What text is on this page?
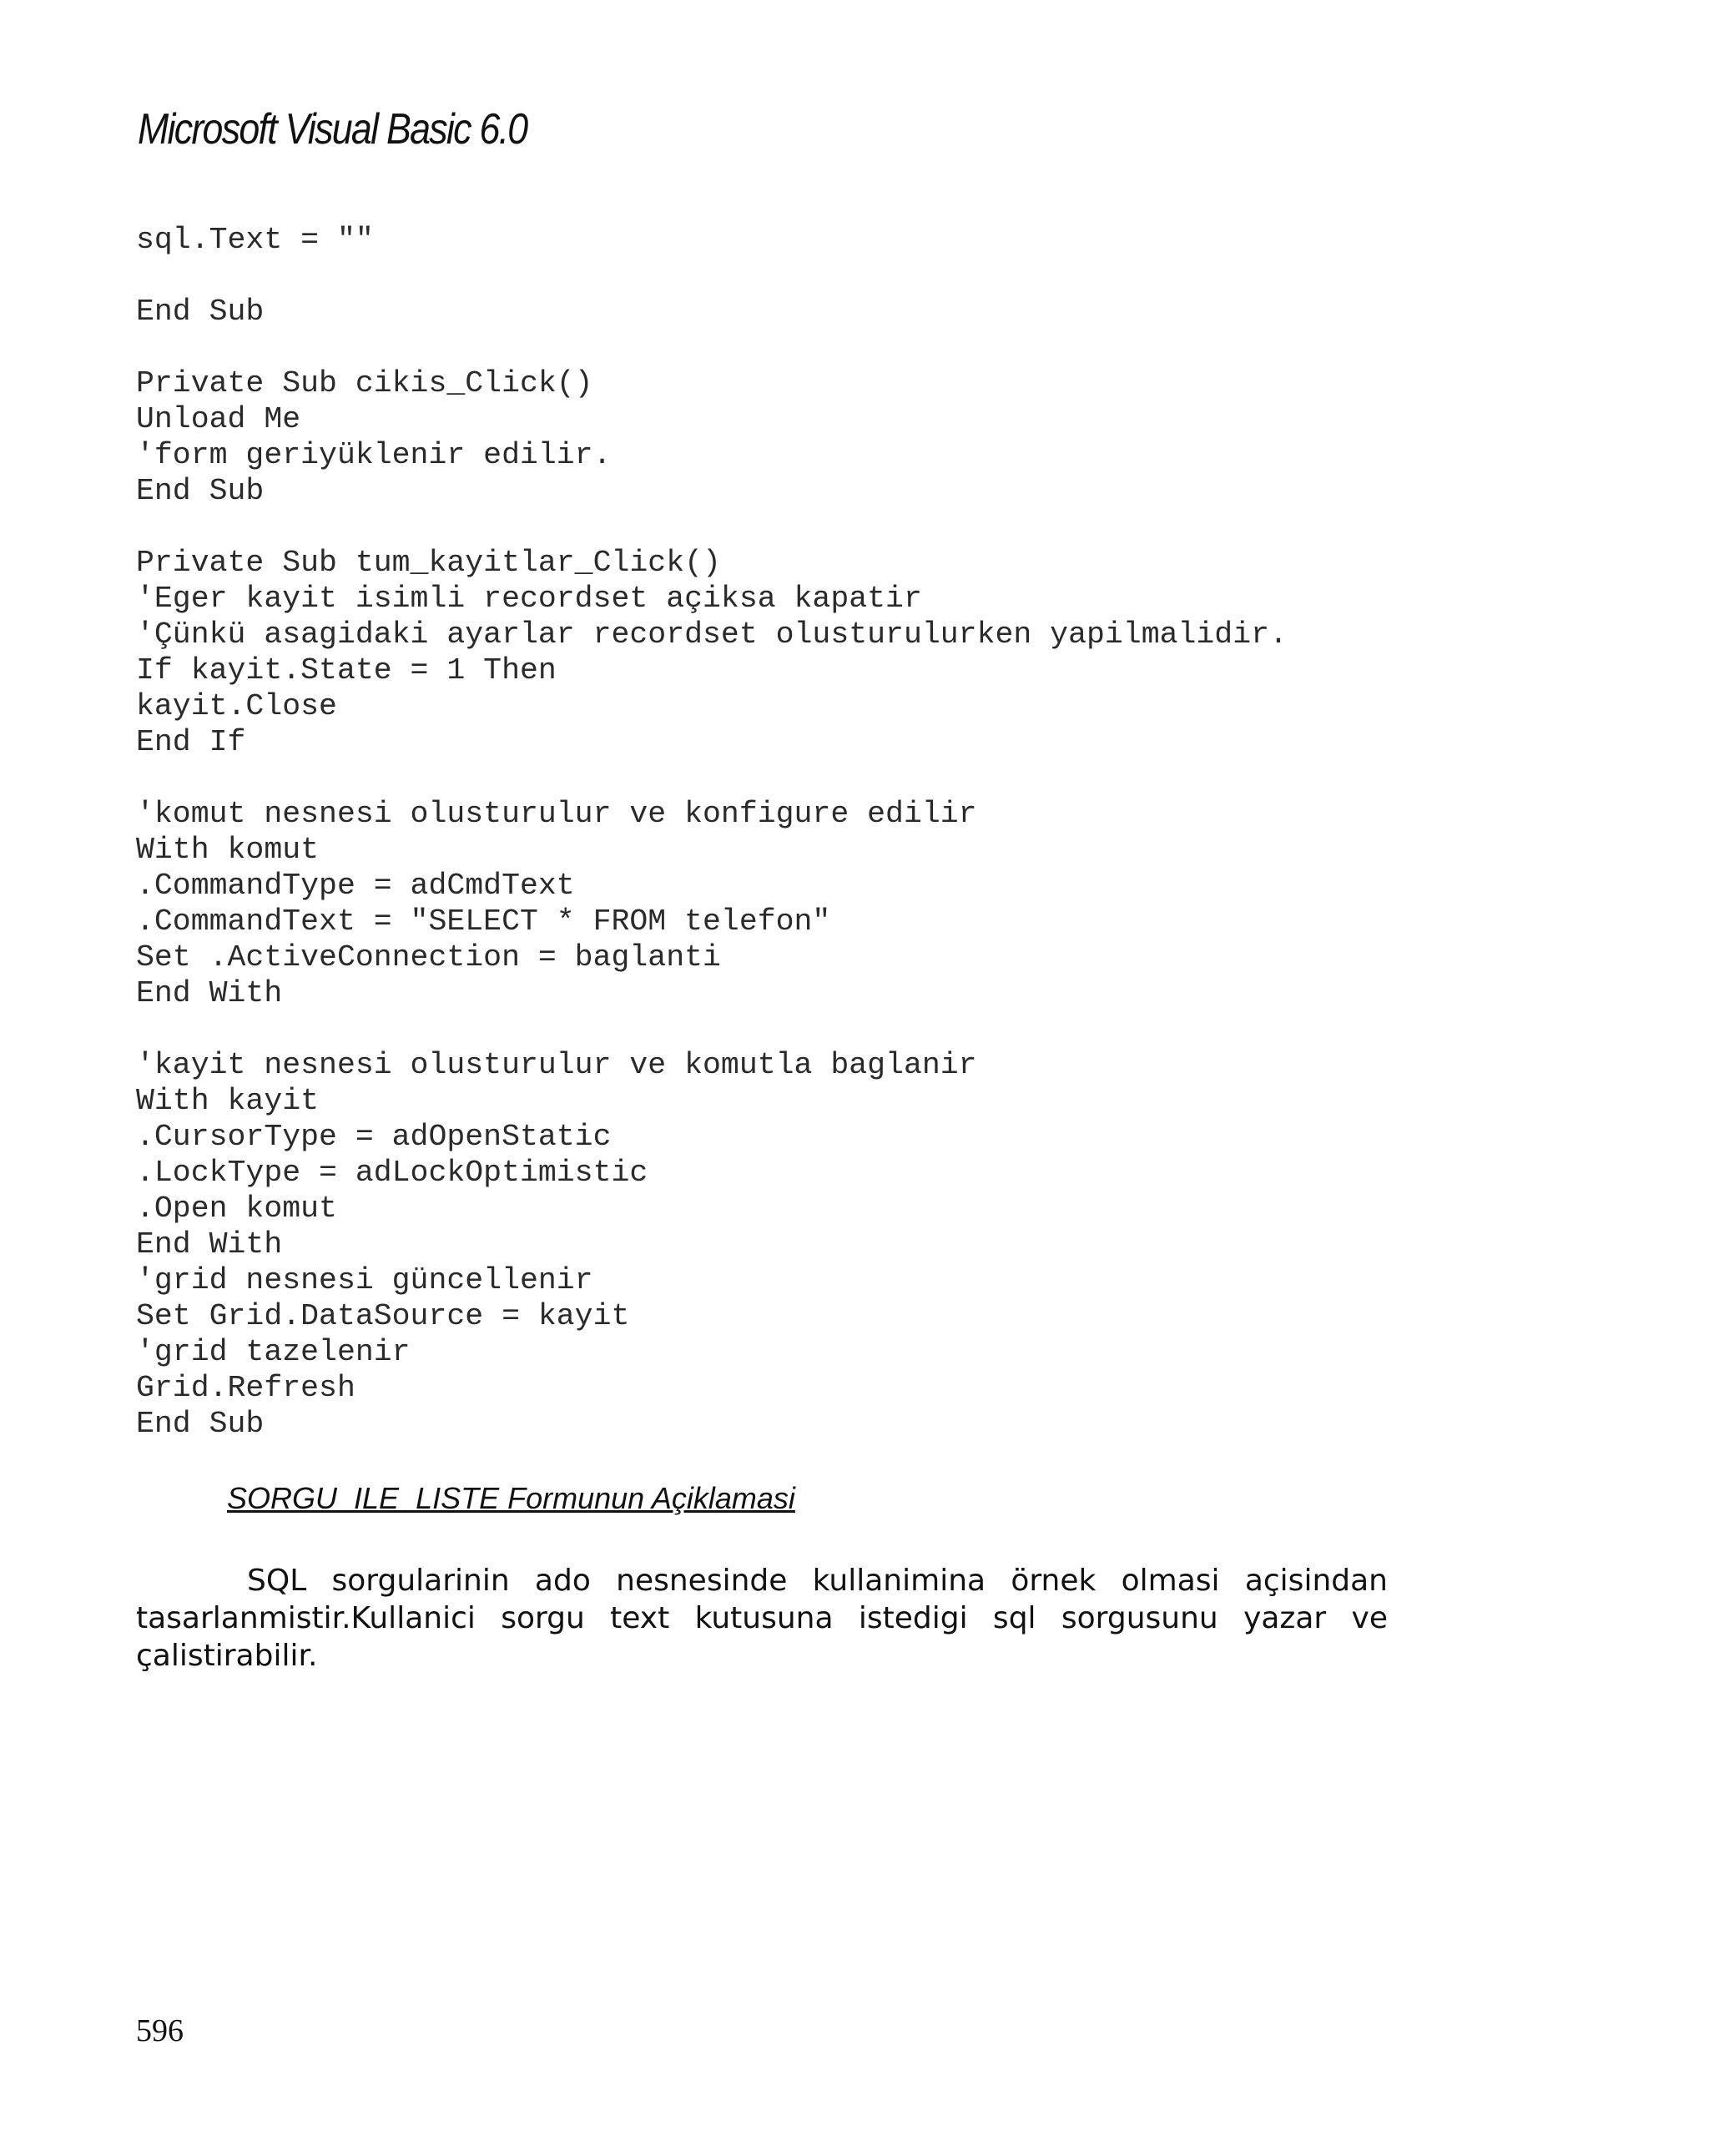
Microsoft Visual Basic 6.0
sql.Text = ""
End Sub
Private Sub cikis_Click()
Unload Me
'form geriyüklenir edilir.
End Sub
Private Sub tum_kayitlar_Click()
'Eger kayit isimli recordset açiksa kapatir
'Çünkü asagidaki ayarlar recordset olusturulurken yapilmalidir.
If kayit.State = 1 Then
kayit.Close
End If
'komut nesnesi olusturulur ve konfigure edilir
With komut
.CommandType = adCmdText
.CommandText = "SELECT * FROM telefon"
Set .ActiveConnection = baglanti
End With
'kayit nesnesi olusturulur ve komutla baglanir
With kayit
.CursorType = adOpenStatic
.LockType = adLockOptimistic
.Open komut
End With
'grid nesnesi güncellenir
Set Grid.DataSource = kayit
'grid tazelenir
Grid.Refresh
End Sub
SORGU_ILE_LISTE Formunun Açiklamasi

SQL sorgularinin ado nesnesinde kullanimina örnek olmasi açisindan tasarlanmistir.Kullanici sorgu text kutusuna istedigi sql sorgusunu yazar ve çalistirabilir.

596
